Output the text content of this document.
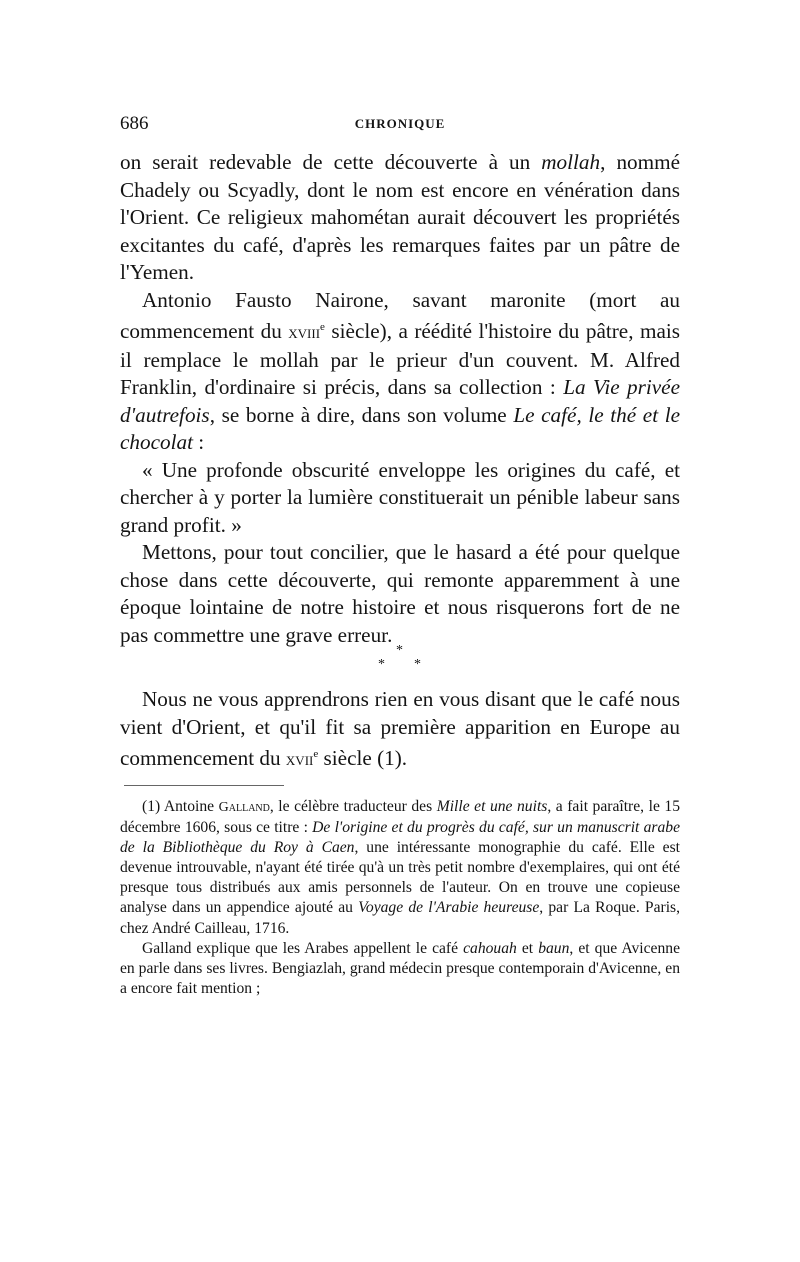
686	CHRONIQUE

on serait redevable de cette découverte à un mollah, nommé Chadely ou Scyadly, dont le nom est encore en vénération dans l'Orient. Ce religieux mahométan aurait découvert les propriétés excitantes du café, d'après les remarques faites par un pâtre de l'Yemen.

Antonio Fausto Nairone, savant maronite (mort au commencement du xviii$^e$ siècle), a réédité l'histoire du pâtre, mais il remplace le mollah par le prieur d'un couvent. M. Alfred Franklin, d'ordinaire si précis, dans sa collection : La Vie privée d'autrefois, se borne à dire, dans son volume Le café, le thé et le chocolat :

« Une profonde obscurité enveloppe les origines du café, et chercher à y porter la lumière constituerait un pénible labeur sans grand profit. »

Mettons, pour tout concilier, que le hasard a été pour quelque chose dans cette découverte, qui remonte apparemment à une époque lointaine de notre histoire et nous risquerons fort de ne pas commettre une grave erreur.

*
* *

Nous ne vous apprendrons rien en vous disant que le café nous vient d'Orient, et qu'il fit sa première apparition en Europe au commencement du xvii$^e$ siècle (1).

(1) Antoine Galland, le célèbre traducteur des Mille et une nuits, a fait paraître, le 15 décembre 1606, sous ce titre : De l'origine et du progrès du café, sur un manuscrit arabe de la Bibliothèque du Roy à Caen, une intéressante monographie du café. Elle est devenue introuvable, n'ayant été tirée qu'à un très petit nombre d'exemplaires, qui ont été presque tous distribués aux amis personnels de l'auteur. On en trouve une copieuse analyse dans un appendice ajouté au Voyage de l'Arabie heureuse, par La Roque. Paris, chez André Cailleau, 1716.

Galland explique que les Arabes appellent le café cahouah et baun, et que Avicenne en parle dans ses livres. Bengiazlah, grand médecin presque contemporain d'Avicenne, en a encore fait mention ;
